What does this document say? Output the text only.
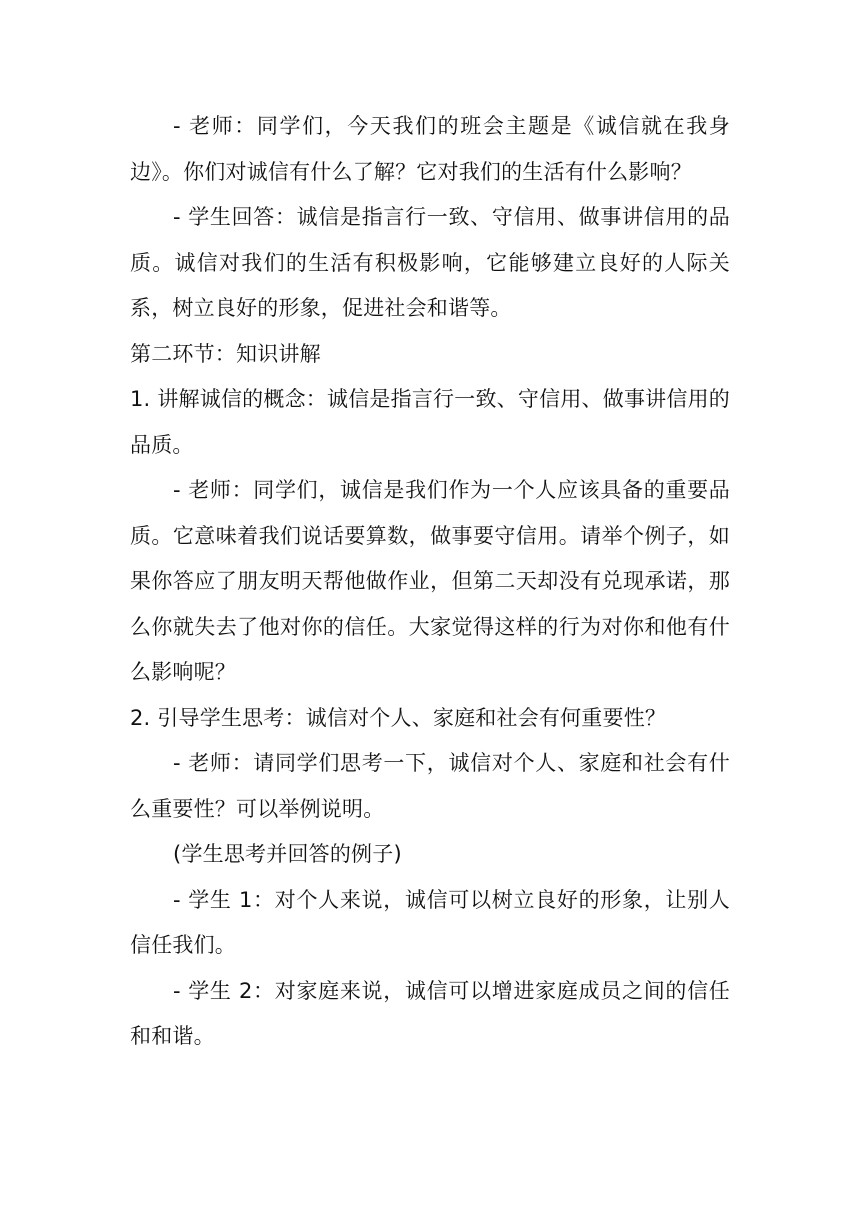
- 老师：同学们，今天我们的班会主题是《诚信就在我身边》。你们对诚信有什么了解？它对我们的生活有什么影响？

- 学生回答：诚信是指言行一致、守信用、做事讲信用的品质。诚信对我们的生活有积极影响，它能够建立良好的人际关系，树立良好的形象，促进社会和谐等。

第二环节：知识讲解

1. 讲解诚信的概念：诚信是指言行一致、守信用、做事讲信用的品质。

- 老师：同学们，诚信是我们作为一个人应该具备的重要品质。它意味着我们说话要算数，做事要守信用。请举个例子，如果你答应了朋友明天帮他做作业，但第二天却没有兑现承诺，那么你就失去了他对你的信任。大家觉得这样的行为对你和他有什么影响呢？

2. 引导学生思考：诚信对个人、家庭和社会有何重要性？

- 老师：请同学们思考一下，诚信对个人、家庭和社会有什么重要性？可以举例说明。

(学生思考并回答的例子)

- 学生 1：对个人来说，诚信可以树立良好的形象，让别人信任我们。

- 学生 2：对家庭来说，诚信可以增进家庭成员之间的信任和和谐。
